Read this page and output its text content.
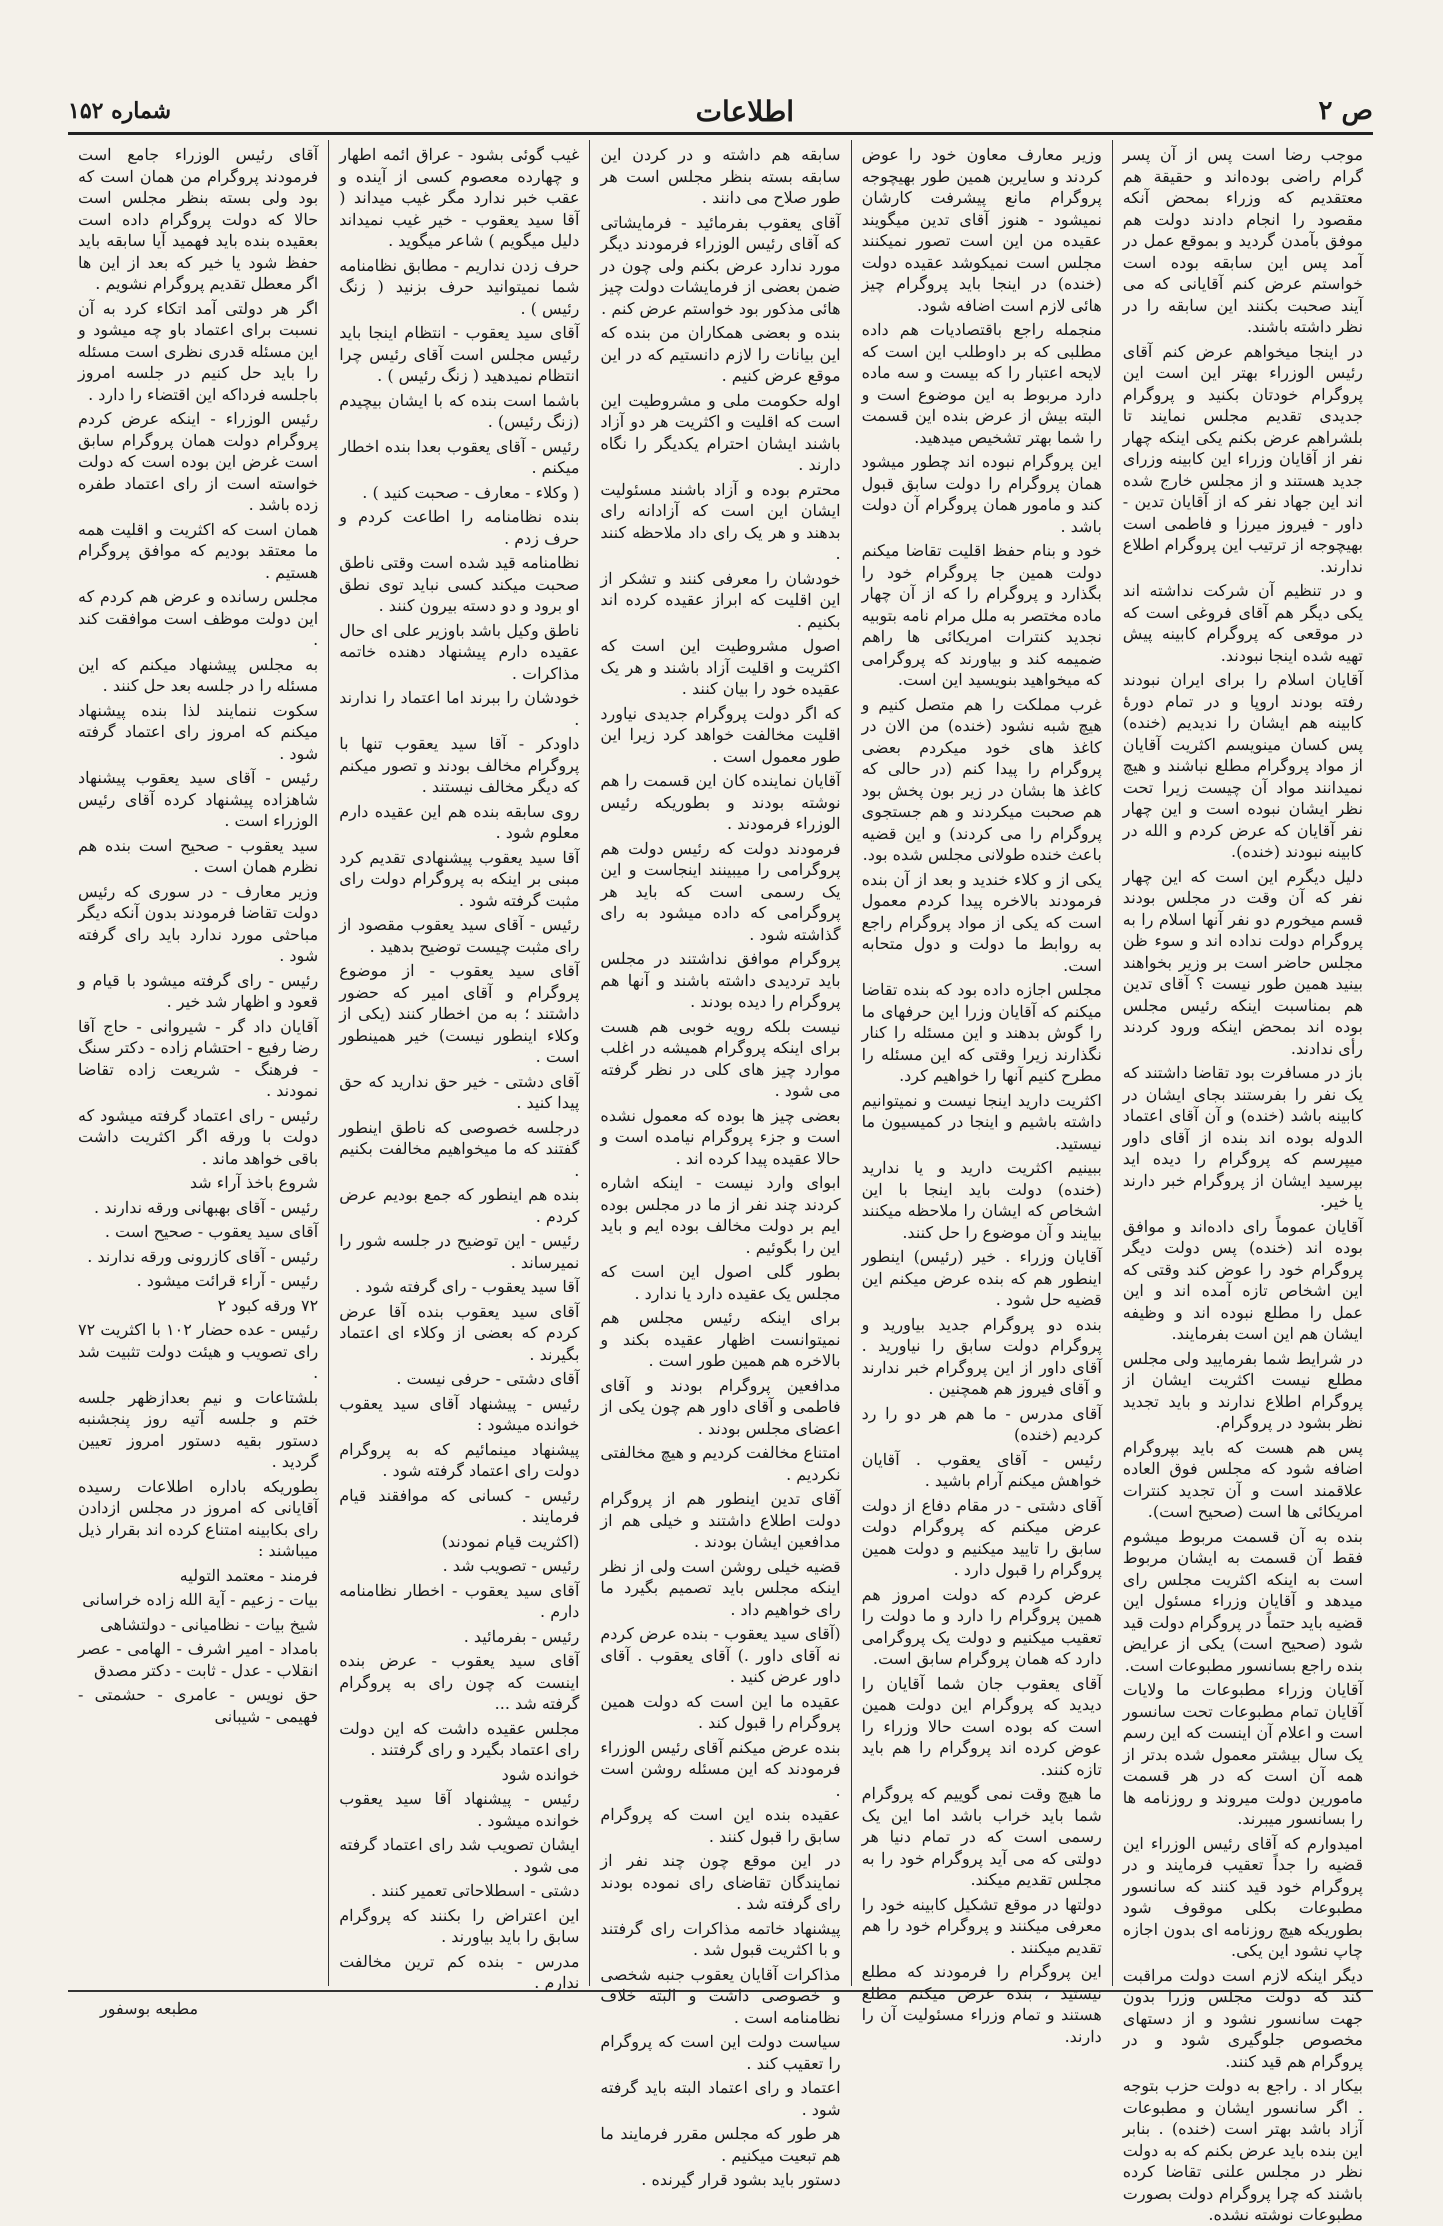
ص ۲
اطلاعات
شماره ۱۵۲

موجب رضا است پس از آن پسر گرام راضی بوده‌اند و حقیقة هم معتقدیم که وزراء بمحض آنکه مقصود را انجام دادند دولت هم موفق بآمدن گردید و بموقع عمل در آمد پس این سابقه بوده است خواستم عرض کنم آقایانی که می آیند صحبت بکنند این سابقه را در نظر داشته باشند.

در اینجا میخواهم عرض کنم آقای رئیس الوزراء بهتر این است این پروگرام خودتان بکنید و پروگرام جدیدی تقدیم مجلس نمایند تا بلشراهم عرض بکنم یکی اینکه چهار نفر از آقایان وزراء این کابینه وزرای جدید هستند و از مجلس خارج شده اند این جهاد نفر که از آقایان تدین - داور - فیروز میرزا و فاطمی است بهیچوجه از ترتیب این پروگرام اطلاع ندارند.

و در تنظیم آن شرکت نداشته اند یکی دیگر هم آقای فروغی است که در موقعی که پروگرام کابینه پیش تهیه شده اینجا نبودند.

آقایان اسلام را برای ایران نبودند رفته بودند اروپا و در تمام دورهٔ کابینه هم ایشان را ندیدیم (خنده) پس کسان مینویسم اکثریت آقایان از مواد پروگرام مطلع نباشند و هیچ نمیدانند مواد آن چیست زیرا تحت نظر ایشان نبوده است و این چهار نفر آقایان که عرض کردم و الله در کابینه نبودند (خنده).

دلیل دیگرم این است که این چهار نفر که آن وقت در مجلس بودند قسم میخورم دو نفر آنها اسلام را به پروگرام دولت نداده اند و سوء ظن مجلس حاضر است بر وزیر بخواهند بینید همین طور نیست ؟ آقای تدین هم بمناسبت اینکه رئیس مجلس بوده اند بمحض اینکه ورود کردند رأی ندادند.

باز در مسافرت بود تقاضا داشتند که یک نفر را بفرستند بجای ایشان در کابینه باشد (خنده) و آن آقای اعتماد الدوله بوده اند بنده از آقای داور میپرسم که پروگرام را دیده اید بپرسید ایشان از پروگرام خبر دارند یا خیر.

آقایان عموماً رای داده‌اند و موافق بوده اند (خنده) پس دولت دیگر پروگرام خود را عوض کند وقتی که این اشخاص تازه آمده اند و این عمل را مطلع نبوده اند و وظیفه ایشان هم این است بفرمایند.

در شرایط شما بفرمایید ولی مجلس مطلع نیست اکثریت ایشان از پروگرام اطلاع ندارند و باید تجدید نظر بشود در پروگرام.

پس هم هست که باید بپروگرام اضافه شود که مجلس فوق العاده علاقمند است و آن تجدید کنترات امریکائی ها است (صحیح است).

بنده به آن قسمت مربوط میشوم فقط آن قسمت به ایشان مربوط است به اینکه اکثریت مجلس رای میدهد و آقایان وزراء مسئول این قضیه باید حتماً در پروگرام دولت قید شود (صحیح است) یکی از عرایض بنده راجع بسانسور مطبوعات است.

آقایان وزراء مطبوعات ما ولایات آقایان تمام مطبوعات تحت سانسور است و اعلام آن اینست که این رسم یک سال بیشتر معمول شده بدتر از همه آن است که در هر قسمت مامورین دولت میروند و روزنامه ها را بسانسور میبرند.

امیدوارم که آقای رئیس الوزراء این قضیه را جداً تعقیب فرمایند و در پروگرام خود قید کنند که سانسور مطبوعات بکلی موقوف شود بطوریکه هیچ روزنامه ای بدون اجازه چاپ نشود این یکی.

دیگر اینکه لازم است دولت مراقبت کند که دولت مجلس وزرا بدون جهت سانسور نشود و از دستهای مخصوص جلوگیری شود و در پروگرام هم قید کنند.

بیکار اد . راجع به دولت حزب بتوجه . اگر سانسور ایشان و مطبوعات آزاد باشد بهتر است (خنده) . بنابر این بنده باید عرض بکنم که به دولت نظر در مجلس علنی تقاضا کرده باشند که چرا پروگرام دولت بصورت مطبوعات نوشته نشده.

وزیر معارف معاون خود را عوض کردند و سایرین همین طور بهیچوجه پروگرام مانع پیشرفت کارشان نمیشود - هنوز آقای تدین میگویند عقیده من این است تصور نمیکنند مجلس است نمیکوشد عقیده دولت (خنده) در اینجا باید پروگرام چیز هائی لازم است اضافه شود.

منجمله راجع باقتصادیات هم داده مطلبی که بر داوطلب این است که لایحه اعتبار را که بیست و سه ماده دارد مربوط به این موضوع است و البته بیش از عرض بنده این قسمت را شما بهتر تشخیص میدهید.

این پروگرام نبوده اند چطور میشود همان پروگرام را دولت سابق قبول کند و مامور همان پروگرام آن دولت باشد .

خود و بنام حفظ اقلیت تقاضا میکنم دولت همین جا پروگرام خود را بگذارد و پروگرام را که از آن چهار ماده مختصر به ملل مرام نامه بتوبیه نجدید کنترات امریکائی ها راهم ضمیمه کند و بیاورند که پروگرامی که میخواهید بنویسید این است.

غرب مملکت را هم متصل کنیم و هیچ شبه نشود (خنده) من الان در کاغذ های خود میکردم بعضی پروگرام را پیدا کنم (در حالی که کاغذ ها بشان در زیر بون پخش بود هم صحبت میکردند و هم جستجوی پروگرام را می کردند) و این قضیه باعث خنده طولانی مجلس شده بود.

یکی از و کلاء خندید و بعد از آن بنده فرمودند بالاخره پیدا کردم معمول است که یکی از مواد پروگرام راجع به روابط ما دولت و دول متحابه است.

مجلس اجازه داده بود که بنده تقاضا میکنم که آقایان وزرا این حرفهای ما را گوش بدهند و این مسئله را کنار نگذارند زیرا وقتی که این مسئله را مطرح کنیم آنها را خواهیم کرد.

اکثریت دارید اینجا نیست و نمیتوانیم داشته باشیم و اینجا در کمیسیون ما نیستید.

ببینیم اکثریت دارید و یا ندارید (خنده) دولت باید اینجا با این اشخاص که ایشان را ملاحظه میکنند بیایند و آن موضوع را حل کنند.

آقایان وزراء . خیر (رئیس) اینطور اینطور هم که بنده عرض میکنم این قضیه حل شود .

بنده دو پروگرام جدید بیاورید و پروگرام دولت سابق را نیاورید . آقای داور از این پروگرام خبر ندارند و آقای فیروز هم همچنین .

آقای مدرس - ما هم هر دو را رد کردیم (خنده)

رئیس - آقای یعقوب . آقایان خواهش میکنم آرام باشید .

آقای دشتی - در مقام دفاع از دولت عرض میکنم که پروگرام دولت سابق را تایید میکنیم و دولت همین پروگرام را قبول دارد .

عرض کردم که دولت امروز هم همین پروگرام را دارد و ما دولت را تعقیب میکنیم و دولت یک پروگرامی دارد که همان پروگرام سابق است.

آقای یعقوب جان شما آقایان را دیدید که پروگرام این دولت همین است که بوده است حالا وزراء را عوض کرده اند پروگرام را هم باید تازه کنند.

ما هیچ وقت نمی گوییم که پروگرام شما باید خراب باشد اما این یک رسمی است که در تمام دنیا هر دولتی که می آید پروگرام خود را به مجلس تقدیم میکند.

دولتها در موقع تشکیل کابینه خود را معرفی میکنند و پروگرام خود را هم تقدیم میکنند .

این پروگرام را فرمودند که مطلع نیستید ، بنده عرض میکنم مطلع هستند و تمام وزراء مسئولیت آن را دارند.

سابقه هم داشته و در کردن این سابقه بسته بنظر مجلس است هر طور صلاح می دانند .

آقای یعقوب بفرمائید - فرمایشاتی که آقای رئیس الوزراء فرمودند دیگر مورد ندارد عرض بکنم ولی چون در ضمن بعضی از فرمایشات دولت چیز هائی مذکور بود خواستم عرض کنم .

بنده و بعضی همکاران من بنده که این بیانات را لازم دانستیم که در این موقع عرض کنیم .

اوله حکومت ملی و مشروطیت این است که اقلیت و اکثریت هر دو آزاد باشند ایشان احترام یکدیگر را نگاه دارند .

محترم بوده و آزاد باشند مسئولیت ایشان این است که آزادانه رای بدهند و هر یک رای داد ملاحظه کنند .

خودشان را معرفی کنند و تشکر از این اقلیت که ابراز عقیده کرده اند بکنیم .

اصول مشروطیت این است که اکثریت و اقلیت آزاد باشند و هر یک عقیده خود را بیان کنند .

که اگر دولت پروگرام جدیدی نیاورد اقلیت مخالفت خواهد کرد زیرا این طور معمول است .

آقایان نماینده کان این قسمت را هم نوشته بودند و بطوریکه رئیس الوزراء فرمودند .

فرمودند دولت که رئیس دولت هم پروگرامی را میبینند اینجاست و این یک رسمی است که باید هر پروگرامی که داده میشود به رای گذاشته شود .

پروگرام موافق نداشتند در مجلس باید تردیدی داشته باشند و آنها هم پروگرام را دیده بودند .

نیست بلکه رویه خوبی هم هست برای اینکه پروگرام همیشه در اغلب موارد چیز های کلی در نظر گرفته می شود .

بعضی چیز ها بوده که معمول نشده است و جزء پروگرام نیامده است و حالا عقیده پیدا کرده اند .

ابوای وارد نیست - اینکه اشاره کردند چند نفر از ما در مجلس بوده ایم بر دولت مخالف بوده ایم و باید این را بگوئیم .

بطور گلی اصول این است که مجلس یک عقیده دارد یا ندارد .

برای اینکه رئیس مجلس هم نمیتوانست اظهار عقیده بکند و بالاخره هم همین طور است .

مدافعین پروگرام بودند و آقای فاطمی و آقای داور هم چون یکی از اعضای مجلس بودند .

امتناع مخالفت کردیم و هیچ مخالفتی نکردیم .

آقای تدین اینطور هم از پروگرام دولت اطلاع داشتند و خیلی هم از مدافعین ایشان بودند .

قضیه خیلی روشن است ولی از نظر اینکه مجلس باید تصمیم بگیرد ما رای خواهیم داد .

(آقای سید یعقوب - بنده عرض کردم نه آقای داور .) آقای یعقوب . آقای داور عرض کنید .

عقیده ما این است که دولت همین پروگرام را قبول کند .

بنده عرض میکنم آقای رئیس الوزراء فرمودند که این مسئله روشن است .

عقیده بنده این است که پروگرام سابق را قبول کنند .

در این موقع چون چند نفر از نمایندگان تقاضای رای نموده بودند رای گرفته شد .

پیشنهاد خاتمه مذاکرات رای گرفتند و با اکثریت قبول شد .

مذاکرات آقایان یعقوب جنبه شخصی و خصوصی داشت و البته خلاف نظامنامه است .

سیاست دولت این است که پروگرام را تعقیب کند .

اعتماد و رای اعتماد البته باید گرفته شود .

هر طور که مجلس مقرر فرمایند ما هم تبعیت میکنیم .

دستور باید بشود قرار گیرنده .

غیب گوئی بشود - عراق ائمه اطهار و چهارده معصوم کسی از آینده و عقب خبر ندارد مگر غیب میداند ( آقا سید یعقوب - خیر غیب نمیداند دلیل میگویم ) شاعر میگوید .

حرف زدن نداریم - مطابق نظامنامه شما نمیتوانید حرف بزنید ( زنگ رئیس ) .

آقای سید یعقوب - انتظام اینجا باید رئیس مجلس است آقای رئیس چرا انتظام نمیدهید ( زنگ رئیس ) .

باشما است بنده که با ایشان بیچیدم (زنگ رئیس) .

رئیس - آقای یعقوب بعدا بنده اخطار میکنم .

( وکلاء - معارف - صحبت کنید ) .

بنده نظامنامه را اطاعت کردم و حرف زدم .

نظامنامه قید شده است وقتی ناطق صحبت میکند کسی نباید توی نطق او برود و دو دسته بیرون کنند .

ناطق وکیل باشد باوزیر علی ای حال عقیده دارم پیشنهاد دهنده خاتمه مذاکرات .

خودشان را ببرند اما اعتماد را ندارند .

داودکر - آقا سید یعقوب تنها با پروگرام مخالف بودند و تصور میکنم که دیگر مخالف نیستند .

روی سابقه بنده هم این عقیده دارم معلوم شود .

آقا سید یعقوب پیشنهادی تقدیم کرد مبنی بر اینکه به پروگرام دولت رای مثبت گرفته شود .

رئیس - آقای سید یعقوب مقصود از رای مثبت چیست توضیح بدهید .

آقای سید یعقوب - از موضوع پروگرام و آقای امیر که حضور داشتند ؛ به من اخطار کنند (یکی از وکلاء اینطور نیست) خیر همینطور است .

آقای دشتی - خیر حق ندارید که حق پیدا کنید .

درجلسه خصوصی که ناطق اینطور گفتند که ما میخواهیم مخالفت بکنیم .

بنده هم اینطور که جمع بودیم عرض کردم .

رئیس - این توضیح در جلسه شور را نمیرساند .

آقا سید یعقوب - رای گرفته شود .

آقای سید یعقوب بنده آقا عرض کردم که بعضی از وکلاء ای اعتماد بگیرند .

آقای دشتی - حرفی نیست .

رئیس - پیشنهاد آقای سید یعقوب خوانده میشود :

پیشنهاد مینمائیم که به پروگرام دولت رای اعتماد گرفته شود .

رئیس - کسانی که موافقند قیام فرمایند .

(اکثریت قیام نمودند)

رئیس - تصویب شد .

آقای سید یعقوب - اخطار نظامنامه دارم .

رئیس - بفرمائید .

آقای سید یعقوب - عرض بنده اینست که چون رای به پروگرام گرفته شد ...

مجلس عقیده داشت که این دولت رای اعتماد بگیرد و رای گرفتند .

خوانده شود

رئیس - پیشنهاد آقا سید یعقوب خوانده میشود .

ایشان تصویب شد رای اعتماد گرفته می شود .

دشتی - اسطلاحاتی تعمیر کنند .

این اعتراض را بکنند که پروگرام سابق را باید بیاورند .

مدرس - بنده کم ترین مخالفت ندارم .

آقای رئیس الوزراء جامع است فرمودند پروگرام من همان است که بود ولی بسته بنظر مجلس است حالا که دولت پروگرام داده است بعقیده بنده باید فهمید آیا سابقه باید حفظ شود یا خیر که بعد از این ها اگر معطل تقدیم پروگرام نشویم .

اگر هر دولتی آمد اتکاء کرد به آن نسبت برای اعتماد باو چه میشود و این مسئله قدری نظری است مسئله را باید حل کنیم در جلسه امروز باجلسه فرداکه این اقتضاء را دارد .

رئیس الوزراء - اینکه عرض کردم پروگرام دولت همان پروگرام سابق است غرض این بوده است که دولت خواسته است از رای اعتماد طفره زده باشد .

همان است که اکثریت و اقلیت همه ما معتقد بودیم که موافق پروگرام هستیم .

مجلس رسانده و عرض هم کردم که این دولت موظف است موافقت کند .

به مجلس پیشنهاد میکنم که این مسئله را در جلسه بعد حل کنند .

سکوت ننمایند لذا بنده پیشنهاد میکنم که امروز رای اعتماد گرفته شود .

رئیس - آقای سید یعقوب پیشنهاد شاهزاده پیشنهاد کرده آقای رئیس الوزراء است .

سید یعقوب - صحیح است بنده هم نظرم همان است .

وزیر معارف - در سوری که رئیس دولت تقاضا فرمودند بدون آنکه دیگر مباحثی مورد ندارد باید رای گرفته شود .

رئیس - رای گرفته میشود با قیام و قعود و اظهار شد خیر .

آقایان داد گر - شیروانی - حاج آقا رضا رفیع - احتشام زاده - دکتر سنگ - فرهنگ - شریعت زاده تقاضا نمودند .

رئیس - رای اعتماد گرفته میشود که دولت با ورقه اگر اکثریت داشت باقی خواهد ماند .

شروع باخذ آراء شد

رئیس - آقای بهبهانی ورقه ندارند .

آقای سید یعقوب - صحیح است .

رئیس - آقای کازرونی ورقه ندارند .

رئیس - آراء قرائت میشود .

۷۲ ورقه کبود ۲

رئیس - عده حضار ۱۰۲ با اکثریت ۷۲ رای تصویب و هیئت دولت تثبیت شد .

بلشتاعات و نیم بعدازظهر جلسه ختم و جلسه آتیه روز پنجشنبه دستور بقیه دستور امروز تعیین گردید .

بطوریکه باداره اطلاعات رسیده آقایانی که امروز در مجلس ازدادن رای بکابینه امتناع کرده اند بقرار ذیل میباشند :

فرمند - معتمد التولیه

بیات - زعیم - آیة الله زاده خراسانی

شیخ بیات - نظامیانی - دولتشاهی

بامداد - امیر اشرف - الهامی - عصر انقلاب - عدل - ثابت - دکتر مصدق

حق نویس - عامری - حشمتی - فهیمی - شیبانی

مطبعه بوسفور
